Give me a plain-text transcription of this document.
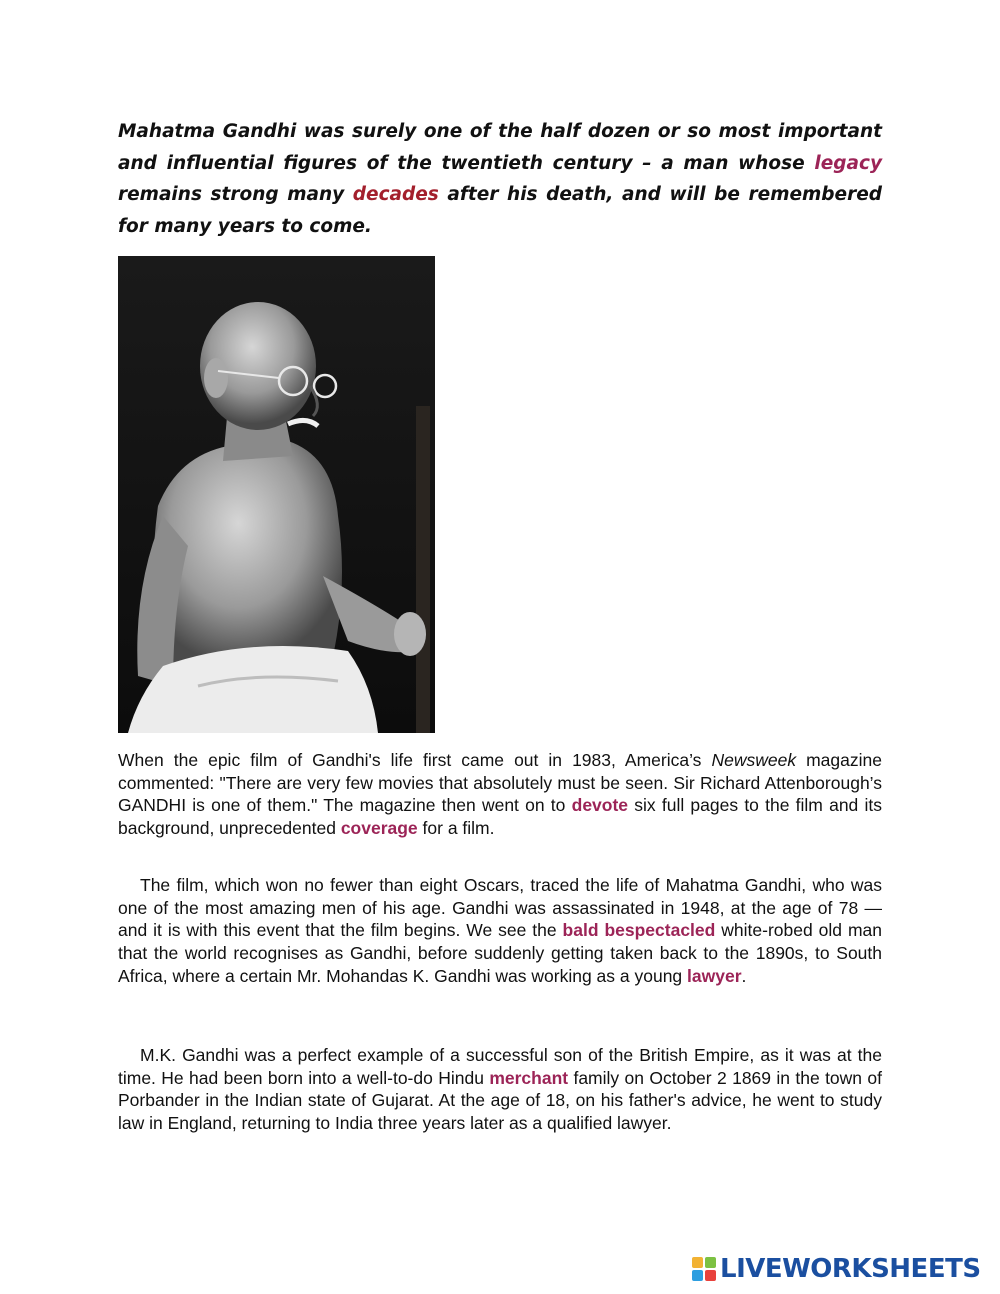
Mahatma Gandhi was surely one of the half dozen or so most important and influential figures of the twentieth century – a man whose legacy remains strong many decades after his death, and will be remembered for many years to come.

When the epic film of Gandhi's life first came out in 1983, America’s Newsweek magazine commented: "There are very few movies that absolutely must be seen. Sir Richard Attenborough’s GANDHI is one of them." The magazine then went on to devote six full pages to the film and its background, unprecedented coverage for a film.

The film, which won no fewer than eight Oscars, traced the life of Mahatma Gandhi, who was one of the most amazing men of his age. Gandhi was assassinated in 1948, at the age of 78 — and it is with this event that the film begins. We see the bald bespectacled white-robed old man that the world recognises as Gandhi, before suddenly getting taken back to the 1890s, to South Africa, where a certain Mr. Mohandas K. Gandhi was working as a young lawyer.

M.K. Gandhi was a perfect example of a successful son of the British Empire, as it was at the time. He had been born into a well-to-do Hindu merchant family on October 2 1869 in the town of Porbander in the Indian state of Gujarat. At the age of 18, on his father's advice, he went to study law in England, returning to India three years later as a qualified lawyer.

LIVEWORKSHEETS
